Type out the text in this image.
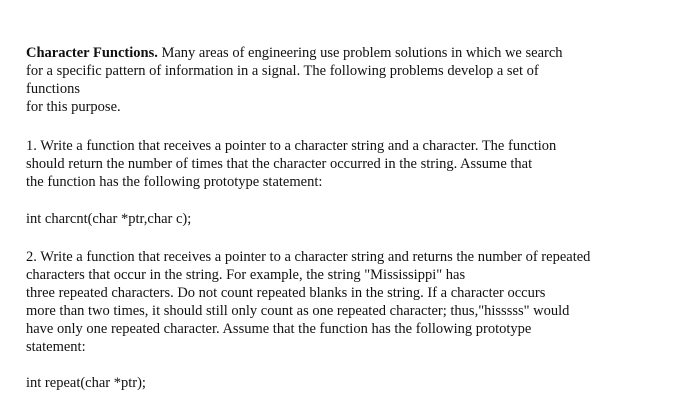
Character Functions. Many areas of engineering use problem solutions in which we search
for a specific pattern of information in a signal. The following problems develop a set of
functions
for this purpose.
1. Write a function that receives a pointer to a character string and a character. The function
should return the number of times that the character occurred in the string. Assume that
the function has the following prototype statement:
int charcnt(char *ptr,char c);
2. Write a function that receives a pointer to a character string and returns the number of repeated
characters that occur in the string. For example, the string "Mississippi" has
three repeated characters. Do not count repeated blanks in the string. If a character occurs
more than two times, it should still only count as one repeated character; thus,"hisssss" would
have only one repeated character. Assume that the function has the following prototype
statement:
int repeat(char *ptr);
